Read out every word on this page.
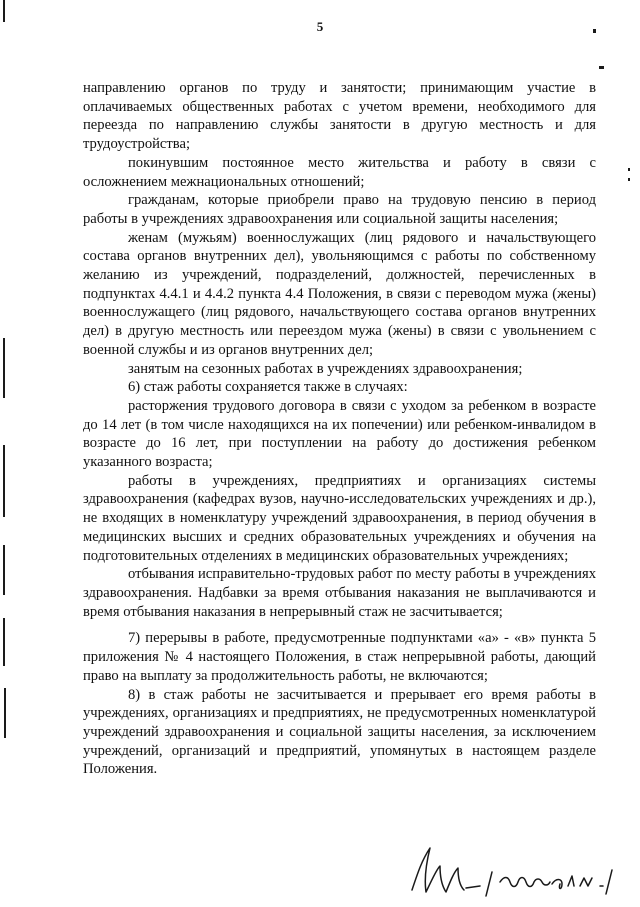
5

направлению органов по труду и занятости; принимающим участие в оплачиваемых общественных работах с учетом времени, необходимого для переезда по направлению службы занятости в другую местность и для трудоустройства;

покинувшим постоянное место жительства и работу в связи с осложнением межнациональных отношений;

гражданам, которые приобрели право на трудовую пенсию в период работы в учреждениях здравоохранения или социальной защиты населения;

женам (мужьям) военнослужащих (лиц рядового и начальствующего состава органов внутренних дел), увольняющимся с работы по собственному желанию из учреждений, подразделений, должностей, перечисленных в подпунктах 4.4.1 и 4.4.2 пункта 4.4 Положения, в связи с переводом мужа (жены) военнослужащего (лиц рядового, начальствующего состава органов внутренних дел) в другую местность или переездом мужа (жены) в связи с увольнением с военной службы и из органов внутренних дел;

занятым на сезонных работах в учреждениях здравоохранения;

6) стаж работы сохраняется также в случаях:

расторжения трудового договора в связи с уходом за ребенком в возрасте до 14 лет (в том числе находящихся на их попечении) или ребенком-инвалидом в возрасте до 16 лет, при поступлении на работу до достижения ребенком указанного возраста;

работы в учреждениях, предприятиях и организациях системы здравоохранения (кафедрах вузов, научно-исследовательских учреждениях и др.), не входящих в номенклатуру учреждений здравоохранения, в период обучения в медицинских высших и средних образовательных учреждениях и обучения на подготовительных отделениях в медицинских образовательных учреждениях;

отбывания исправительно-трудовых работ по месту работы в учреждениях здравоохранения. Надбавки за время отбывания наказания не выплачиваются и время отбывания наказания в непрерывный стаж не засчитывается;

7) перерывы в работе, предусмотренные подпунктами «а» - «в» пункта 5 приложения № 4 настоящего Положения, в стаж непрерывной работы, дающий право на выплату за продолжительность работы, не включаются;

8) в стаж работы не засчитывается и прерывает его время работы в учреждениях, организациях и предприятиях, не предусмотренных номенклатурой учреждений здравоохранения и социальной защиты населения, за исключением учреждений, организаций и предприятий, упомянутых в настоящем разделе Положения.
